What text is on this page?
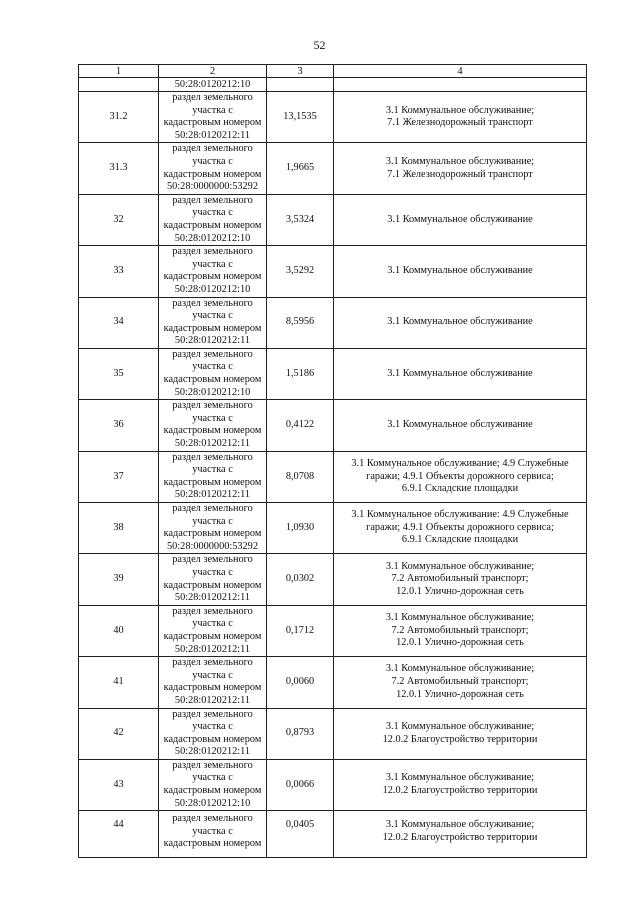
52
1	2	3	4
	50:28:0120212:10		
31.2	раздел земельного
участка с
кадастровым номером
50:28:0120212:11	13,1535	3.1 Коммунальное обслуживание;
7.1 Железнодорожный транспорт

31.3	раздел земельного
участка с
кадастровым номером
50:28:0000000:53292	1,9665	3.1 Коммунальное обслуживание;
7.1 Железнодорожный транспорт

32	раздел земельного
участка с
кадастровым номером
50:28:0120212:10	3,5324	3.1 Коммунальное обслуживание

33	раздел земельного
участка с
кадастровым номером
50:28:0120212:10	3,5292	3.1 Коммунальное обслуживание

34	раздел земельного
участка с
кадастровым номером
50:28:0120212:11	8,5956	3.1 Коммунальное обслуживание

35	раздел земельного
участка с
кадастровым номером
50:28:0120212:10	1,5186	3.1 Коммунальное обслуживание

36	раздел земельного
участка с
кадастровым номером
50:28:0120212:11	0,4122	3.1 Коммунальное обслуживание

37	раздел земельного
участка с
кадастровым номером
50:28:0120212:11	8,0708	3.1 Коммунальное обслуживание; 4.9 Служебные
гаражи; 4.9.1 Объекты дорожного сервиса;
6.9.1 Складские площадки

38	раздел земельного
участка с
кадастровым номером
50:28:0000000:53292	1,0930	3.1 Коммунальное обслуживание: 4.9 Служебные
гаражи; 4.9.1 Объекты дорожного сервиса;
6.9.1 Складские площадки

39	раздел земельного
участка с
кадастровым номером
50:28:0120212:11	0,0302	3.1 Коммунальное обслуживание;
7.2 Автомобильный транспорт;
12.0.1 Улично-дорожная сеть

40	раздел земельного
участка с
кадастровым номером
50:28:0120212:11	0,1712	3.1 Коммунальное обслуживание;
7.2 Автомобильный транспорт;
12.0.1 Улично-дорожная сеть

41	раздел земельного
участка с
кадастровым номером
50:28:0120212:11	0,0060	3.1 Коммунальное обслуживание;
7.2 Автомобильный транспорт;
12.0.1 Улично-дорожная сеть

42	раздел земельного
участка с
кадастровым номером
50:28:0120212:11	0,8793	3.1 Коммунальное обслуживание;
12.0.2 Благоустройство территории

43	раздел земельного
участка с
кадастровым номером
50:28:0120212:10	0,0066	3.1 Коммунальное обслуживание;
12.0.2 Благоустройство территории

44	раздел земельного
участка с
кадастровым номером	0,0405	3.1 Коммунальное обслуживание;
12.0.2 Благоустройство территории
